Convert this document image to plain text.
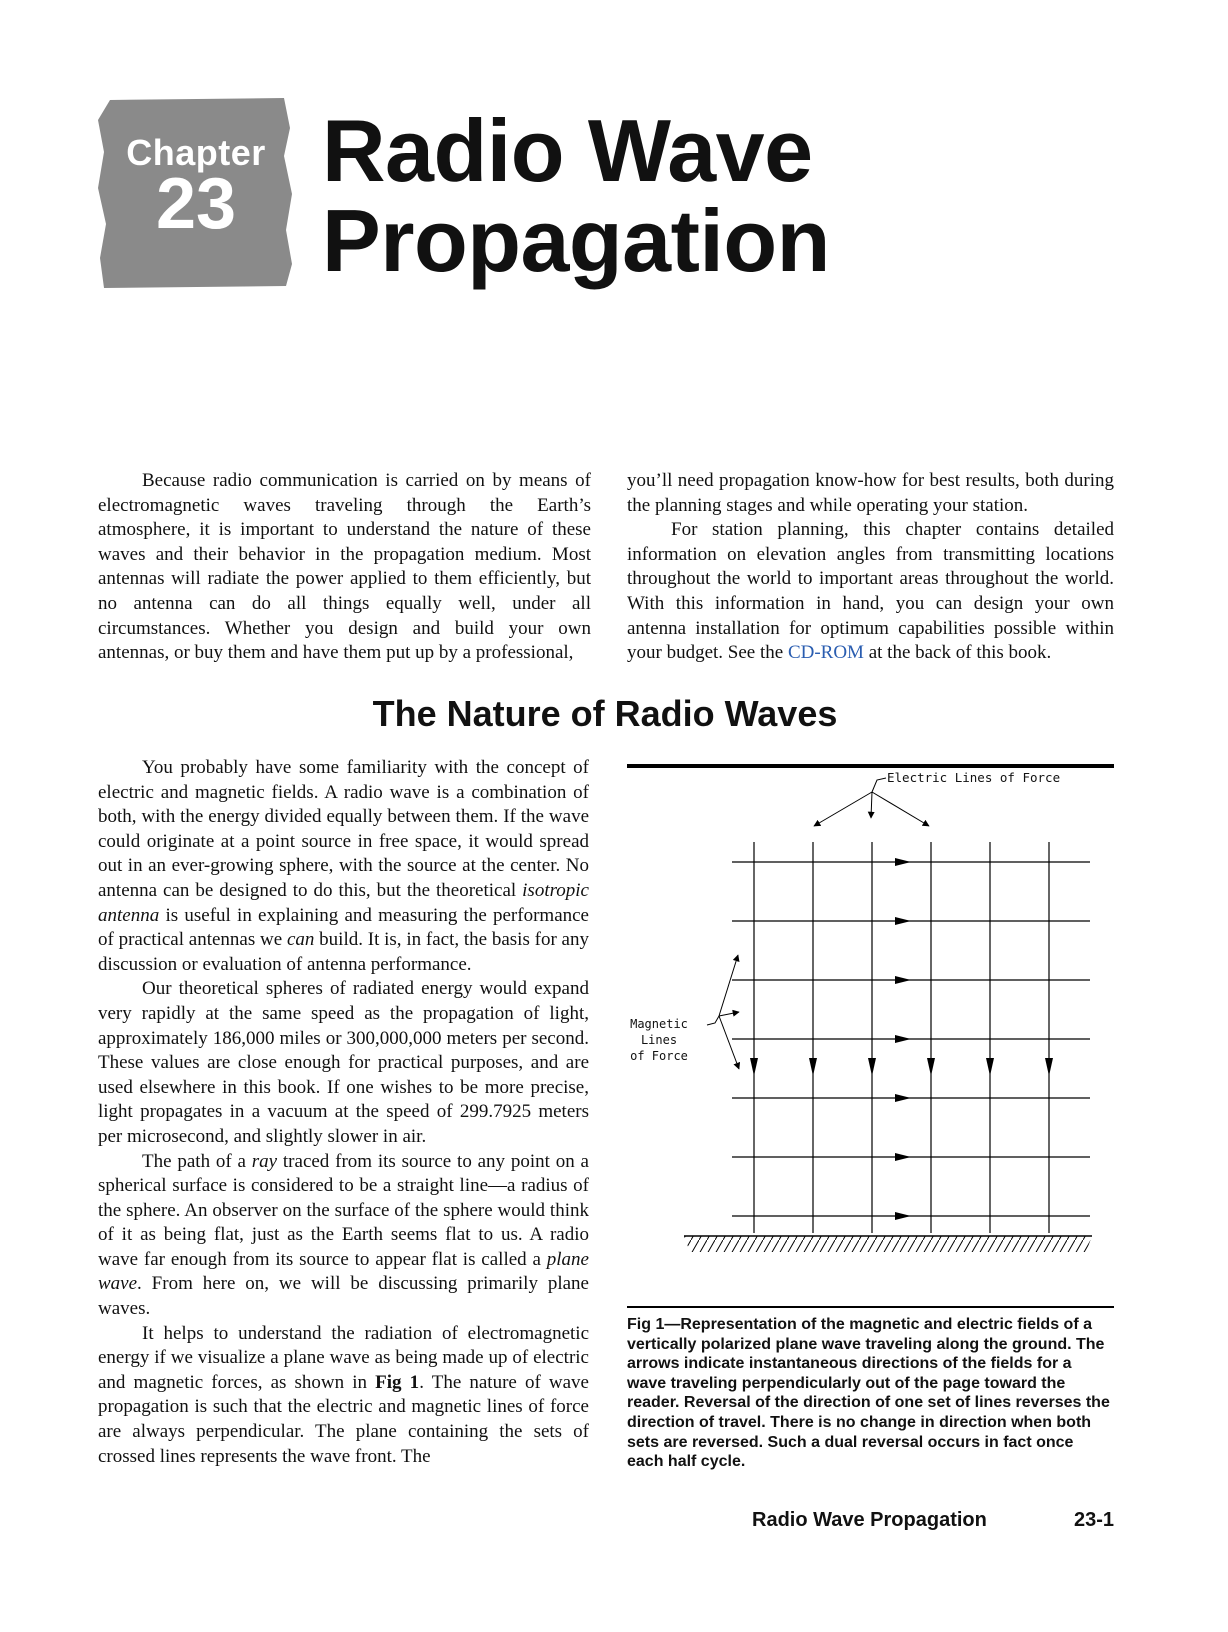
Chapter
23
Radio Wave
Propagation

Because radio communication is carried on by means of electromagnetic waves traveling through the Earth’s atmosphere, it is important to understand the nature of these waves and their behavior in the propagation medium. Most antennas will radiate the power applied to them efficiently, but no antenna can do all things equally well, under all circumstances. Whether you design and build your own antennas, or buy them and have them put up by a professional,

you’ll need propagation know-how for best results, both during the planning stages and while operating your station.

For station planning, this chapter contains detailed information on elevation angles from transmitting locations throughout the world to important areas throughout the world. With this information in hand, you can design your own antenna installation for optimum capabilities possible within your budget. See the CD-ROM at the back of this book.

The Nature of Radio Waves

You probably have some familiarity with the concept of electric and magnetic fields. A radio wave is a combination of both, with the energy divided equally between them. If the wave could originate at a point source in free space, it would spread out in an ever-growing sphere, with the source at the center. No antenna can be designed to do this, but the theoretical isotropic antenna is useful in explaining and measuring the performance of practical antennas we can build. It is, in fact, the basis for any discussion or evaluation of antenna performance.

Our theoretical spheres of radiated energy would expand very rapidly at the same speed as the propagation of light, approximately 186,000 miles or 300,000,000 meters per second. These values are close enough for practical purposes, and are used elsewhere in this book. If one wishes to be more precise, light propagates in a vacuum at the speed of 299.7925 meters per microsecond, and slightly slower in air.

The path of a ray traced from its source to any point on a spherical surface is considered to be a straight line—a radius of the sphere. An observer on the surface of the sphere would think of it as being flat, just as the Earth seems flat to us. A radio wave far enough from its source to appear flat is called a plane wave. From here on, we will be discussing primarily plane waves.

It helps to understand the radiation of electromagnetic energy if we visualize a plane wave as being made up of electric and magnetic forces, as shown in Fig 1. The nature of wave propagation is such that the electric and magnetic lines of force are always perpendicular. The plane containing the sets of crossed lines represents the wave front. The

Electric Lines of Force
Magnetic
Lines
of Force

Fig 1—Representation of the magnetic and electric fields of a vertically polarized plane wave traveling along the ground. The arrows indicate instantaneous directions of the fields for a wave traveling perpendicularly out of the page toward the reader. Reversal of the direction of one set of lines reverses the direction of travel. There is no change in direction when both sets are reversed. Such a dual reversal occurs in fact once each half cycle.

Radio Wave Propagation	23-1
